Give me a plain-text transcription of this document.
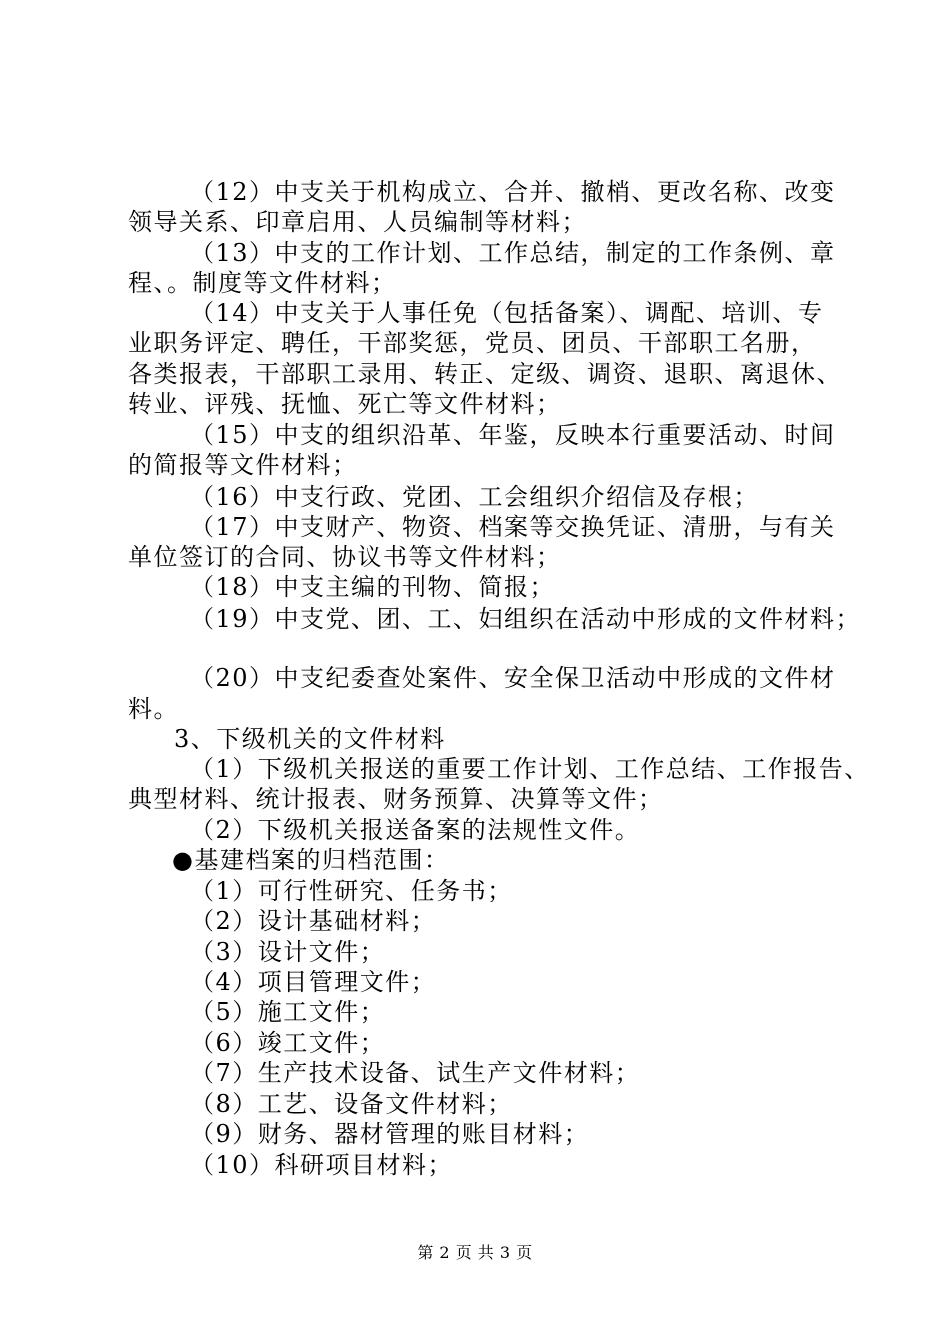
（12）中支关于机构成立、合并、撤梢、更改名称、改变
领导关系、印章启用、人员编制等材料；
（13）中支的工作计划、工作总结，制定的工作条例、章
程、。制度等文件材料；
（14）中支关于人事任免（包括备案）、调配、培训、专
业职务评定、聘任，干部奖惩，党员、团员、干部职工名册，
各类报表，干部职工录用、转正、定级、调资、退职、离退休、
转业、评残、抚恤、死亡等文件材料；
（15）中支的组织沿革、年鉴，反映本行重要活动、时间
的简报等文件材料；
（16）中支行政、党团、工会组织介绍信及存根；
（17）中支财产、物资、档案等交换凭证、清册，与有关
单位签订的合同、协议书等文件材料；
（18）中支主编的刊物、简报；
（19）中支党、团、工、妇组织在活动中形成的文件材料；
（20）中支纪委查处案件、安全保卫活动中形成的文件材
料。
3、下级机关的文件材料
（1）下级机关报送的重要工作计划、工作总结、工作报告、
典型材料、统计报表、财务预算、决算等文件；
（2）下级机关报送备案的法规性文件。
●基建档案的归档范围：
（1）可行性研究、任务书；
（2）设计基础材料；
（3）设计文件；
（4）项目管理文件；
（5）施工文件；
（6）竣工文件；
（7）生产技术设备、试生产文件材料；
（8）工艺、设备文件材料；
（9）财务、器材管理的账目材料；
（10）科研项目材料；
第 2 页 共 3 页
